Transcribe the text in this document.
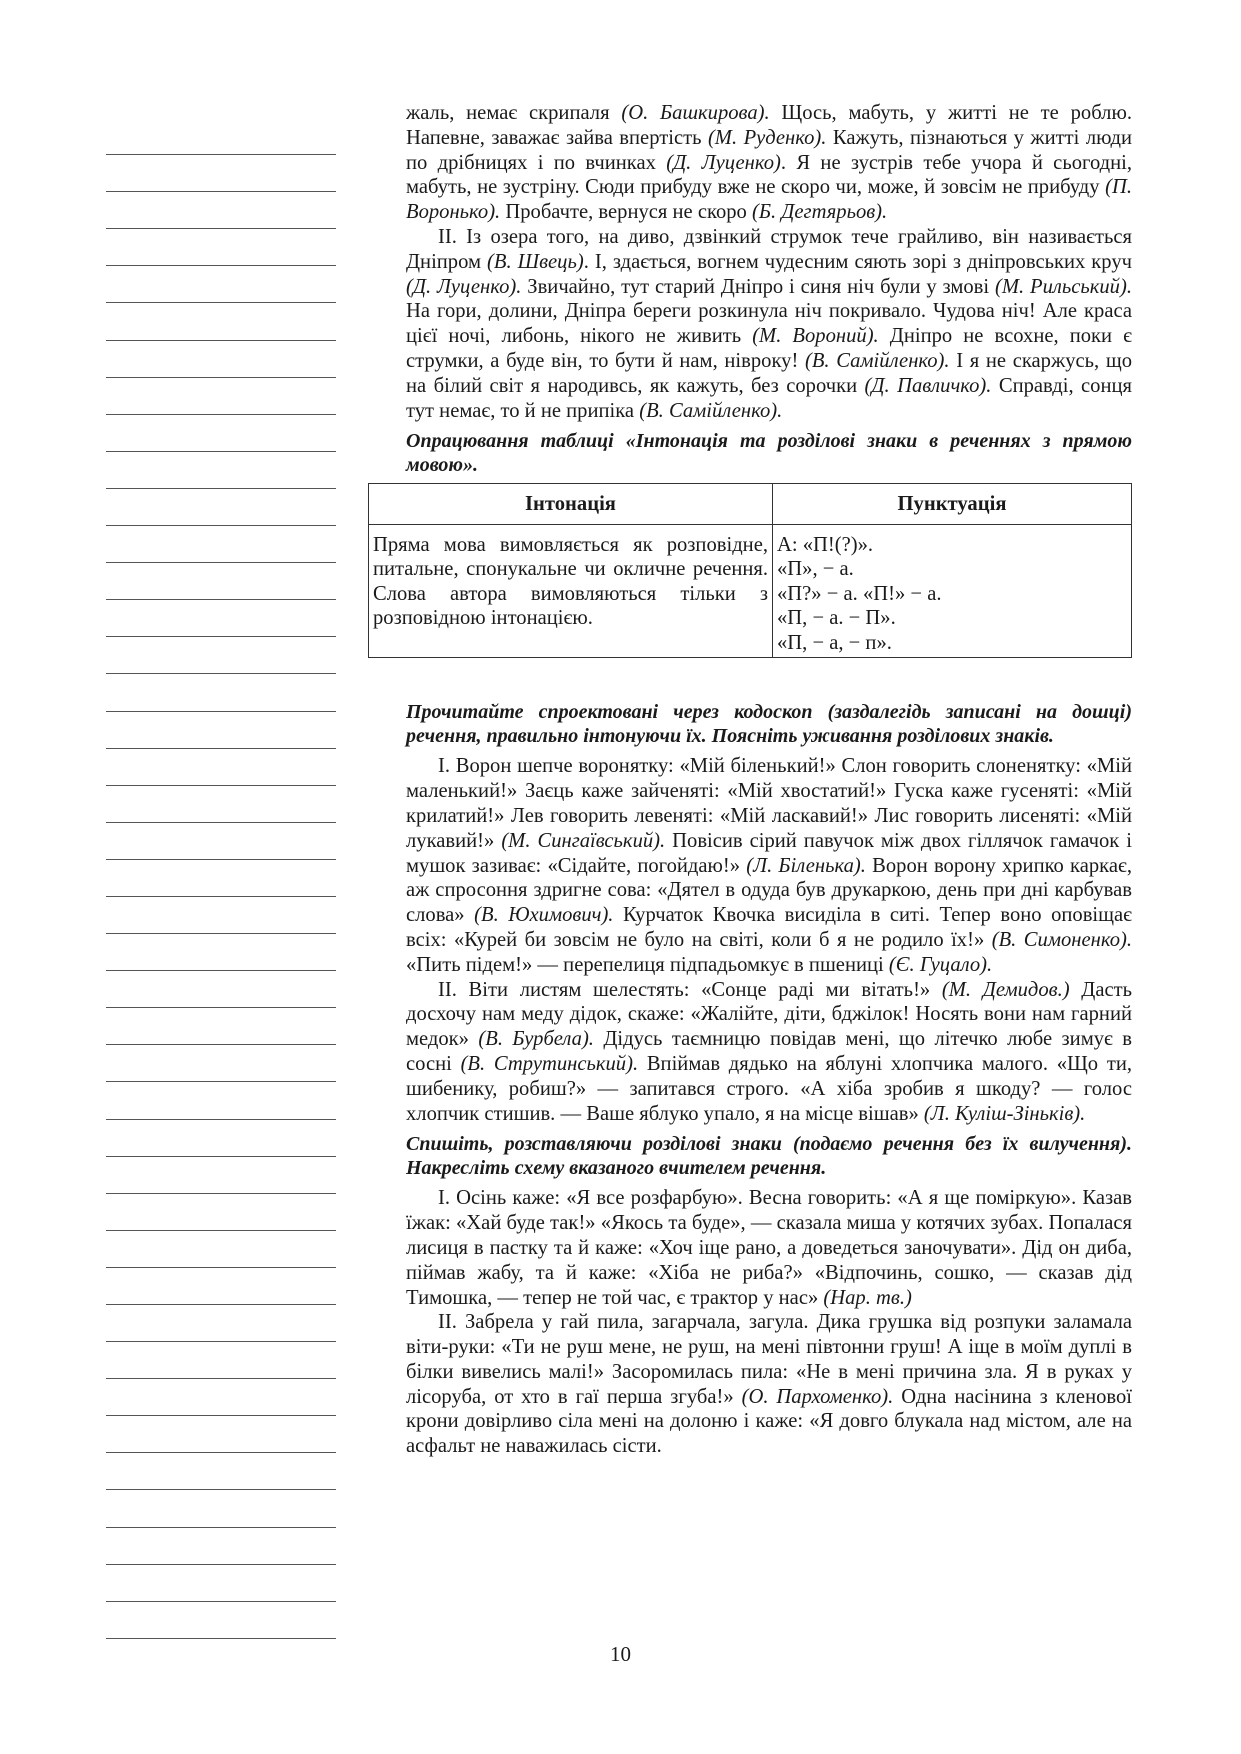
жаль, немає скрипаля (О. Башкирова). Щось, мабуть, у житті не те роблю. Напевне, заважає зайва впертість (М. Руденко). Кажуть, пізнаються у житті люди по дрібницях і по вчинках (Д. Луценко). Я не зустрів тебе учора й сьогодні, мабуть, не зустріну. Сюди прибуду вже не скоро чи, може, й зовсім не прибуду (П. Воронько). Пробачте, вернуся не скоро (Б. Дегтярьов).

ІІ. Із озера того, на диво, дзвінкий струмок тече грайливо, він називається Дніпром (В. Швець). І, здається, вогнем чудесним сяють зорі з дніпровських круч (Д. Луценко). Звичайно, тут старий Дніпро і синя ніч були у змові (М. Рильський). На гори, долини, Дніпра береги розкинула ніч покривало. Чудова ніч! Але краса цієї ночі, либонь, нікого не живить (М. Вороний). Дніпро не всохне, поки є струмки, а буде він, то бути й нам, нівроку! (В. Самійленко). І я не скаржусь, що на білий світ я народивсь, як кажуть, без сорочки (Д. Павличко). Справді, сонця тут немає, то й не припіка (В. Самійленко).

Опрацювання таблиці «Інтонація та розділові знаки в реченнях з прямою мовою».

Інтонація	Пунктуація
Пряма мова вимовляється як розповідне, питальне, спонукальне чи окличне речення. Слова автора вимовляються тільки з розповідною інтонацією.	А: «П!(?)».
«П», − а.
«П?» − а. «П!» − а.
«П, − а. − П».
«П, − а, − п».

Прочитайте спроектовані через кодоскоп (заздалегідь записані на дошці) речення, правильно інтонуючи їх. Поясніть уживання розділових знаків.

І. Ворон шепче воронятку: «Мій біленький!» Слон говорить слоненятку: «Мій маленький!» Заєць каже зайченяті: «Мій хвостатий!» Гуска каже гусеняті: «Мій крилатий!» Лев говорить левеняті: «Мій ласкавий!» Лис говорить лисеняті: «Мій лукавий!» (М. Сингаївський). Повісив сірий павучок між двох гіллячок гамачок і мушок зазиває: «Сідайте, погойдаю!» (Л. Біленька). Ворон ворону хрипко каркає, аж спросоння здригне сова: «Дятел в одуда був друкаркою, день при дні карбував слова» (В. Юхимович). Курчаток Квочка висиділа в ситі. Тепер воно оповіщає всіх: «Курей би зовсім не було на світі, коли б я не родило їх!» (В. Симоненко). «Пить підем!» — перепелиця підпадьомкує в пшениці (Є. Гуцало).

ІІ. Віти листям шелестять: «Сонце раді ми вітать!» (М. Демидов.) Дасть досхочу нам меду дідок, скаже: «Жалійте, діти, бджілок! Носять вони нам гарний медок» (В. Бурбела). Дідусь таємницю повідав мені, що літечко любе зимує в сосні (В. Струтинський). Впіймав дядько на яблуні хлопчика малого. «Що ти, шибенику, робиш?» — запитався строго. «А хіба зробив я шкоду? — голос хлопчик стишив. — Ваше яблуко упало, я на місце вішав» (Л. Куліш-Зіньків).

Спишіть, розставляючи розділові знаки (подаємо речення без їх вилучення). Накресліть схему вказаного вчителем речення.

І. Осінь каже: «Я все розфарбую». Весна говорить: «А я ще поміркую». Казав їжак: «Хай буде так!» «Якось та буде», — сказала миша у котячих зубах. Попалася лисиця в пастку та й каже: «Хоч іще рано, а доведеться заночувати». Дід он диба, піймав жабу, та й каже: «Хіба не риба?» «Відпочинь, сошко, — сказав дід Тимошка, — тепер не той час, є трактор у нас» (Нар. тв.)

ІІ. Забрела у гай пила, загарчала, загула. Дика грушка від розпуки заламала віти-руки: «Ти не руш мене, не руш, на мені півтонни груш! А іще в моїм дуплі в білки вивелись малі!» Засоромилась пила: «Не в мені причина зла. Я в руках у лісоруба, от хто в гаї перша згуба!» (О. Пархоменко). Одна насінина з кленової крони довірливо сіла мені на долоню і каже: «Я довго блукала над містом, але на асфальт не наважилась сісти.

10
